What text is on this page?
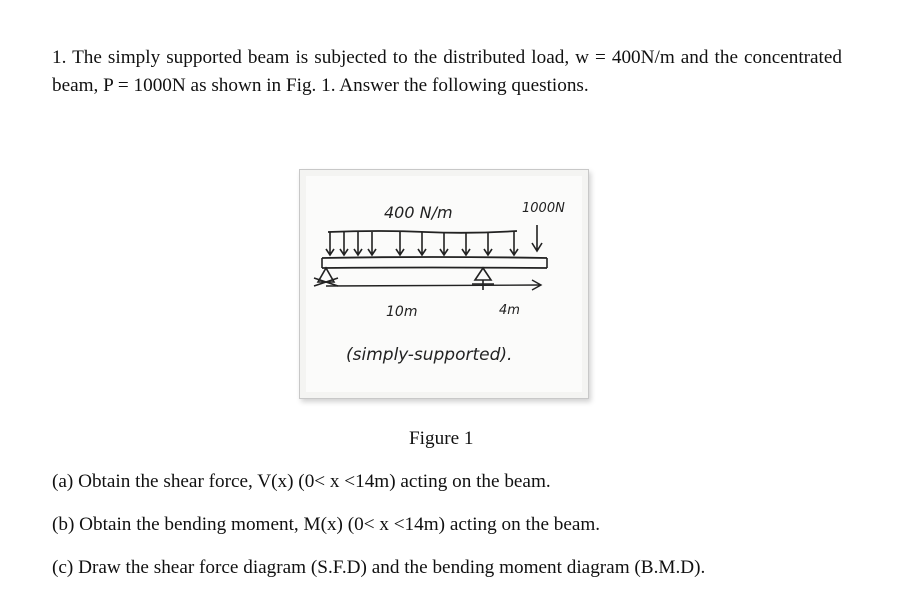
1. The simply supported beam is subjected to the distributed load, w = 400N/m and the concentrated beam, P = 1000N as shown in Fig. 1. Answer the following questions.
400 N/m	1000N
10m	4m
(simply-supported).
Figure 1
(a) Obtain the shear force, V(x) (0< x <14m) acting on the beam.
(b) Obtain the bending moment, M(x) (0< x <14m) acting on the beam.
(c) Draw the shear force diagram (S.F.D) and the bending moment diagram (B.M.D).
